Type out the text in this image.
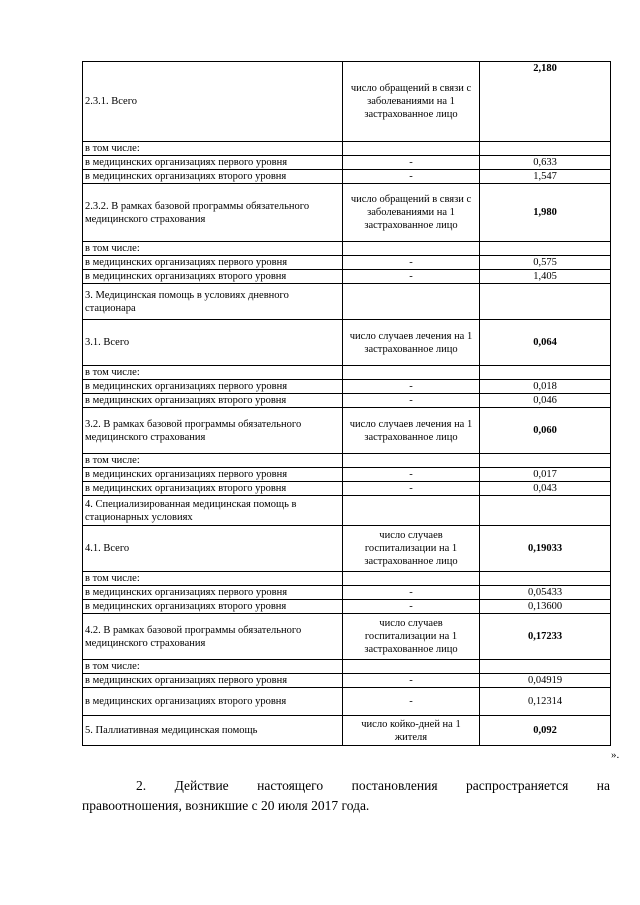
2.3.1. Всего	число обращений в связи с заболеваниями на 1 застрахованное лицо	2,180
в том числе:		
в медицинских организациях первого уровня	-	0,633
в медицинских организациях второго уровня	-	1,547
2.3.2. В рамках базовой программы обязательного медицинского страхования	число обращений в связи с заболеваниями на 1 застрахованное лицо	1,980
в том числе:		
в медицинских организациях первого уровня	-	0,575
в медицинских организациях второго уровня	-	1,405
3. Медицинская помощь в условиях дневного стационара		
3.1. Всего	число случаев лечения на 1 застрахованное лицо	0,064
в том числе:		
в медицинских организациях первого уровня	-	0,018
в медицинских организациях второго уровня	-	0,046
3.2. В рамках базовой программы обязательного медицинского страхования	число случаев лечения на 1 застрахованное лицо	0,060
в том числе:		
в медицинских организациях первого уровня	-	0,017
в медицинских организациях второго уровня	-	0,043
4. Специализированная медицинская помощь в стационарных условиях		
4.1. Всего	число случаев госпитализации на 1 застрахованное лицо	0,19033
в том числе:		
в медицинских организациях первого уровня	-	0,05433
в медицинских организациях второго уровня	-	0,13600
4.2. В рамках базовой программы обязательного медицинского страхования	число случаев госпитализации на 1 застрахованное лицо	0,17233
в том числе:		
в медицинских организациях первого уровня	-	0,04919
в медицинских организациях второго уровня	-	0,12314
5. Паллиативная медицинская помощь	число койко-дней на 1 жителя	0,092
».

2. Действие настоящего постановления распространяется на
правоотношения, возникшие с 20 июля 2017 года.
